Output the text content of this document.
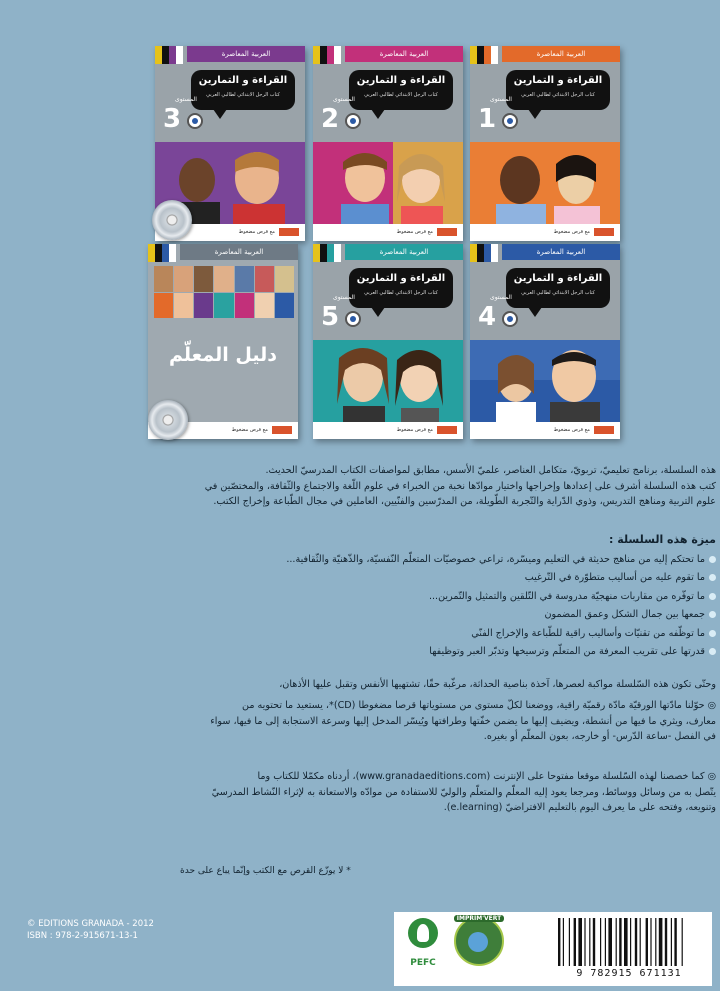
العربية المعاصرة
القراءة و التمارين
كتاب الرجل الابتدائي لطالبي العربي
المستوى
3
مع قرص مضغوط
العربية المعاصرة
القراءة و التمارين
كتاب الرجل الابتدائي لطالبي العربي
المستوى
2
مع قرص مضغوط
العربية المعاصرة
القراءة و التمارين
كتاب الرجل الابتدائي لطالبي العربي
المستوى
1
مع قرص مضغوط
العربية المعاصرة
دليل المعلّم
مع قرص مضغوط
العربية المعاصرة
القراءة و التمارين
كتاب الرجل الابتدائي لطالبي العربي
المستوى
5
مع قرص مضغوط
العربية المعاصرة
القراءة و التمارين
كتاب الرجل الابتدائي لطالبي العربي
المستوى
4
مع قرص مضغوط

هذه السلسلة، برنامج تعليميّ، تربويّ، متكامل العناصر، علميّ الأسس، مطابق لمواصفات الكتاب المدرسيّ الحديث.

كتب هذه السلسلة أشرف على إعدادها وإخراجها واختيار موادّها نخبة من الخبراء في علوم اللّغة والاجتماع والثّقافة، والمختصّين في

علوم التربية ومناهج التدريس، وذوي الدّراية والتّجربة الطّويلة، من المدرّسين والفنّيين، العاملين في مجال الطّباعة وإخراج الكتب.

ميزة هذه السلسلة :

ما تحتكم إليه من مناهج حديثة في التعليم وميسّرة، تراعي خصوصيّات المتعلّم النّفسيّة، والذّهنيّة والثّقافية...
ما تقوم عليه من أساليب متطوّرة في التّرغيب
ما توفّره من مقاربات منهجيّة مدروسة في التّلقين والتمثيل والتّمرين...
جمعها بين جمال الشكل وعمق المضمون
ما توظّفه من تقنيّات وأساليب راقية للطّباعة والإخراج الفنّي
قدرتها على تقريب المعرفة من المتعلّم وترسيخها وتدبّر العبر وتوظيفها

وحتّى تكون هذه السّلسلة مواكبة لعصرها، آخذة بناصية الحداثة، مرغّبة حقّا، تشتهيها الأنفس وتقبل عليها الأذهان،

◎ حوّلنا مادّتها الورقيّة مادّة رقميّة راقية، ووضعنا لكلّ مستوى من مستوياتها قرصا مضغوطا (CD)*، يستعيد ما تحتويه من

معارف، ويثري ما فيها من أنشطة، ويضيف إليها ما يضمن خفّتها وطرافتها ويُيسّر المدخل إليها وسرعة الاستجابة إلى ما فيها، سواء

في الفصل -ساعة الدّرس- أو خارجه، بعون المعلّم أو بغيره.

◎ كما خصصنا لهذه السّلسلة موقعا مفتوحا على الإنترنت (www.granadaeditions.com)، أردناه مكمّلا للكتاب وما

يتّصل به من وسائل ووسائط، ومرجعا يعود إليه المعلّم والمتعلّم والوليّ للاستفادة من موادّه والاستعانة به لإثراء النّشاط المدرسيّ

وتنويعه، وفتحه على ما يعرف اليوم بالتعليم الافتراضيّ (e.learning).

* لا يوزّع القرص مع الكتب وإنّما يباع على حدة
© EDITIONS GRANADA - 2012
ISBN : 978-2-915671-13-1
PEFC
IMPRIM'VERT
9 782915 671131
